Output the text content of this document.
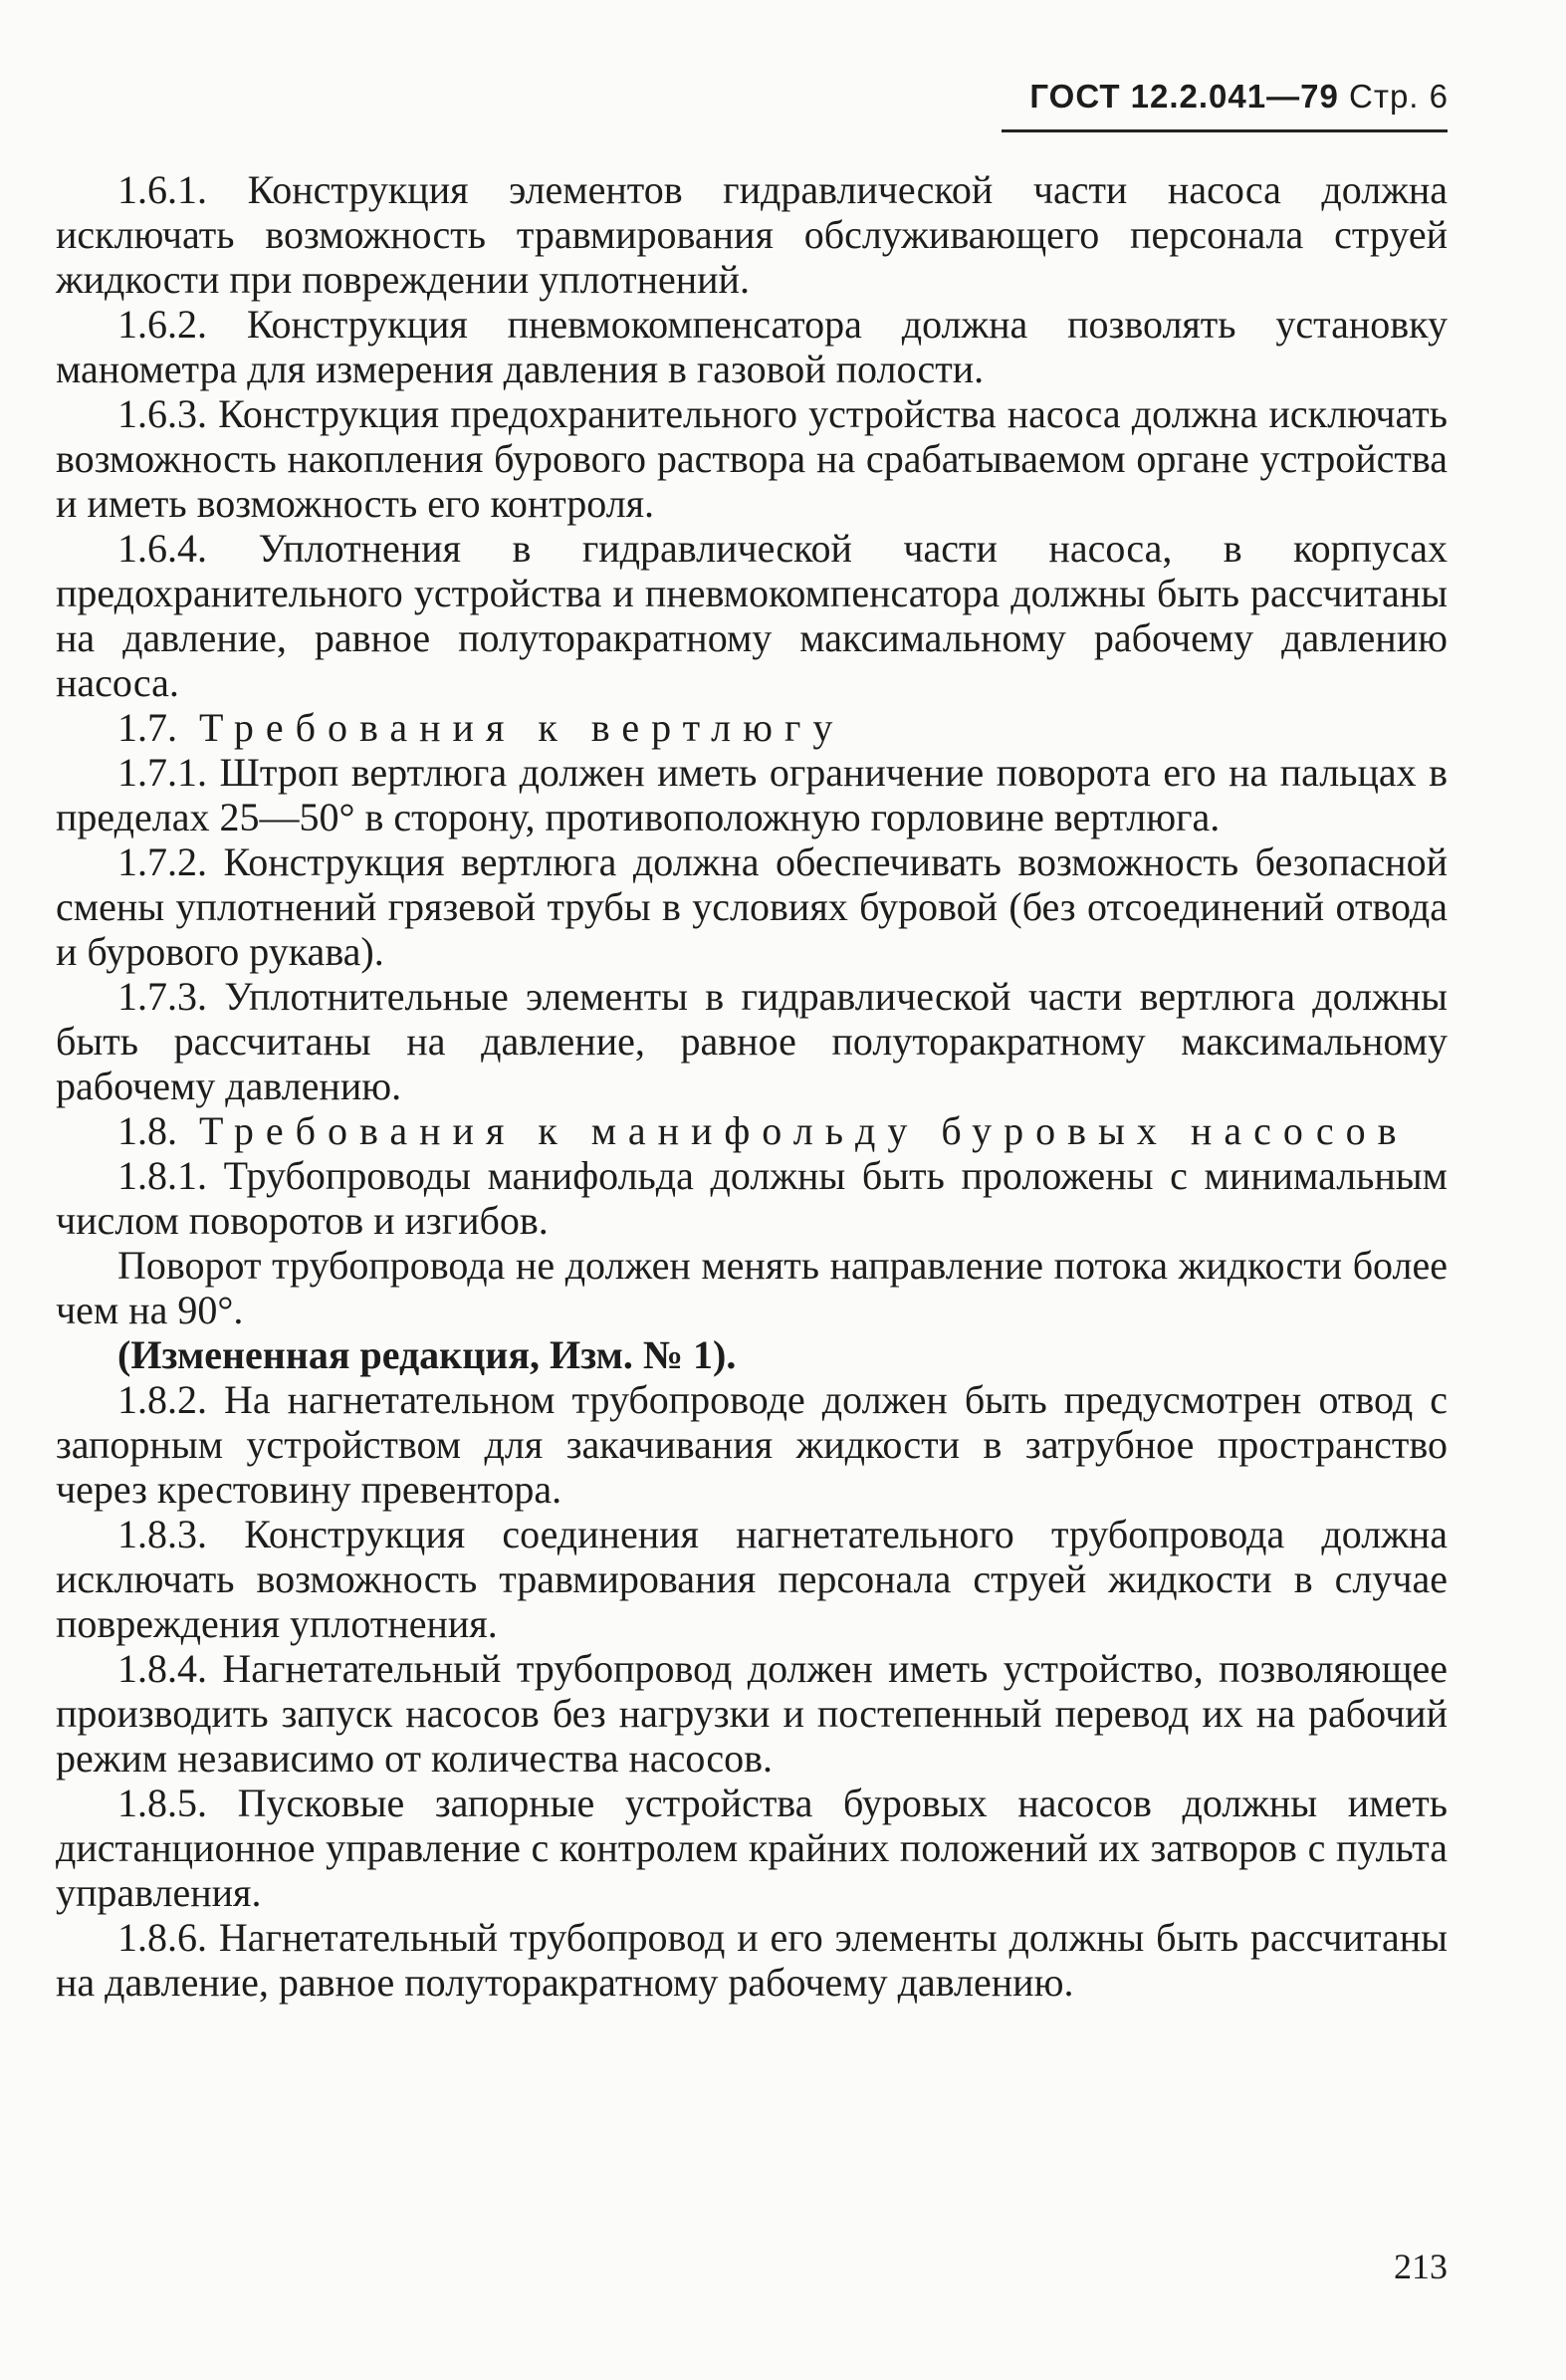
ГОСТ 12.2.041—79 Стр. 6

1.6.1. Конструкция элементов гидравлической части насоса должна исключать возможность травмирования обслуживающего персонала струей жидкости при повреждении уплотнений.

1.6.2. Конструкция пневмокомпенсатора должна позволять установку манометра для измерения давления в газовой полости.

1.6.3. Конструкция предохранительного устройства насоса должна исключать возможность накопления бурового раствора на срабатываемом органе устройства и иметь возможность его контроля.

1.6.4. Уплотнения в гидравлической части насоса, в корпусах предохранительного устройства и пневмокомпенсатора должны быть рассчитаны на давление, равное полуторакратному максимальному рабочему давлению насоса.

1.7. Требования к вертлюгу

1.7.1. Штроп вертлюга должен иметь ограничение поворота его на пальцах в пределах 25—50° в сторону, противоположную горловине вертлюга.

1.7.2. Конструкция вертлюга должна обеспечивать возможность безопасной смены уплотнений грязевой трубы в условиях буровой (без отсоединений отвода и бурового рукава).

1.7.3. Уплотнительные элементы в гидравлической части вертлюга должны быть рассчитаны на давление, равное полуторакратному максимальному рабочему давлению.

1.8. Требования к манифольду буровых насосов

1.8.1. Трубопроводы манифольда должны быть проложены с минимальным числом поворотов и изгибов.

Поворот трубопровода не должен менять направление потока жидкости более чем на 90°.

(Измененная редакция, Изм. № 1).

1.8.2. На нагнетательном трубопроводе должен быть предусмотрен отвод с запорным устройством для закачивания жидкости в затрубное пространство через крестовину превентора.

1.8.3. Конструкция соединения нагнетательного трубопровода должна исключать возможность травмирования персонала струей жидкости в случае повреждения уплотнения.

1.8.4. Нагнетательный трубопровод должен иметь устройство, позволяющее производить запуск насосов без нагрузки и постепенный перевод их на рабочий режим независимо от количества насосов.

1.8.5. Пусковые запорные устройства буровых насосов должны иметь дистанционное управление с контролем крайних положений их затворов с пульта управления.

1.8.6. Нагнетательный трубопровод и его элементы должны быть рассчитаны на давление, равное полуторакратному рабочему давлению.

213
